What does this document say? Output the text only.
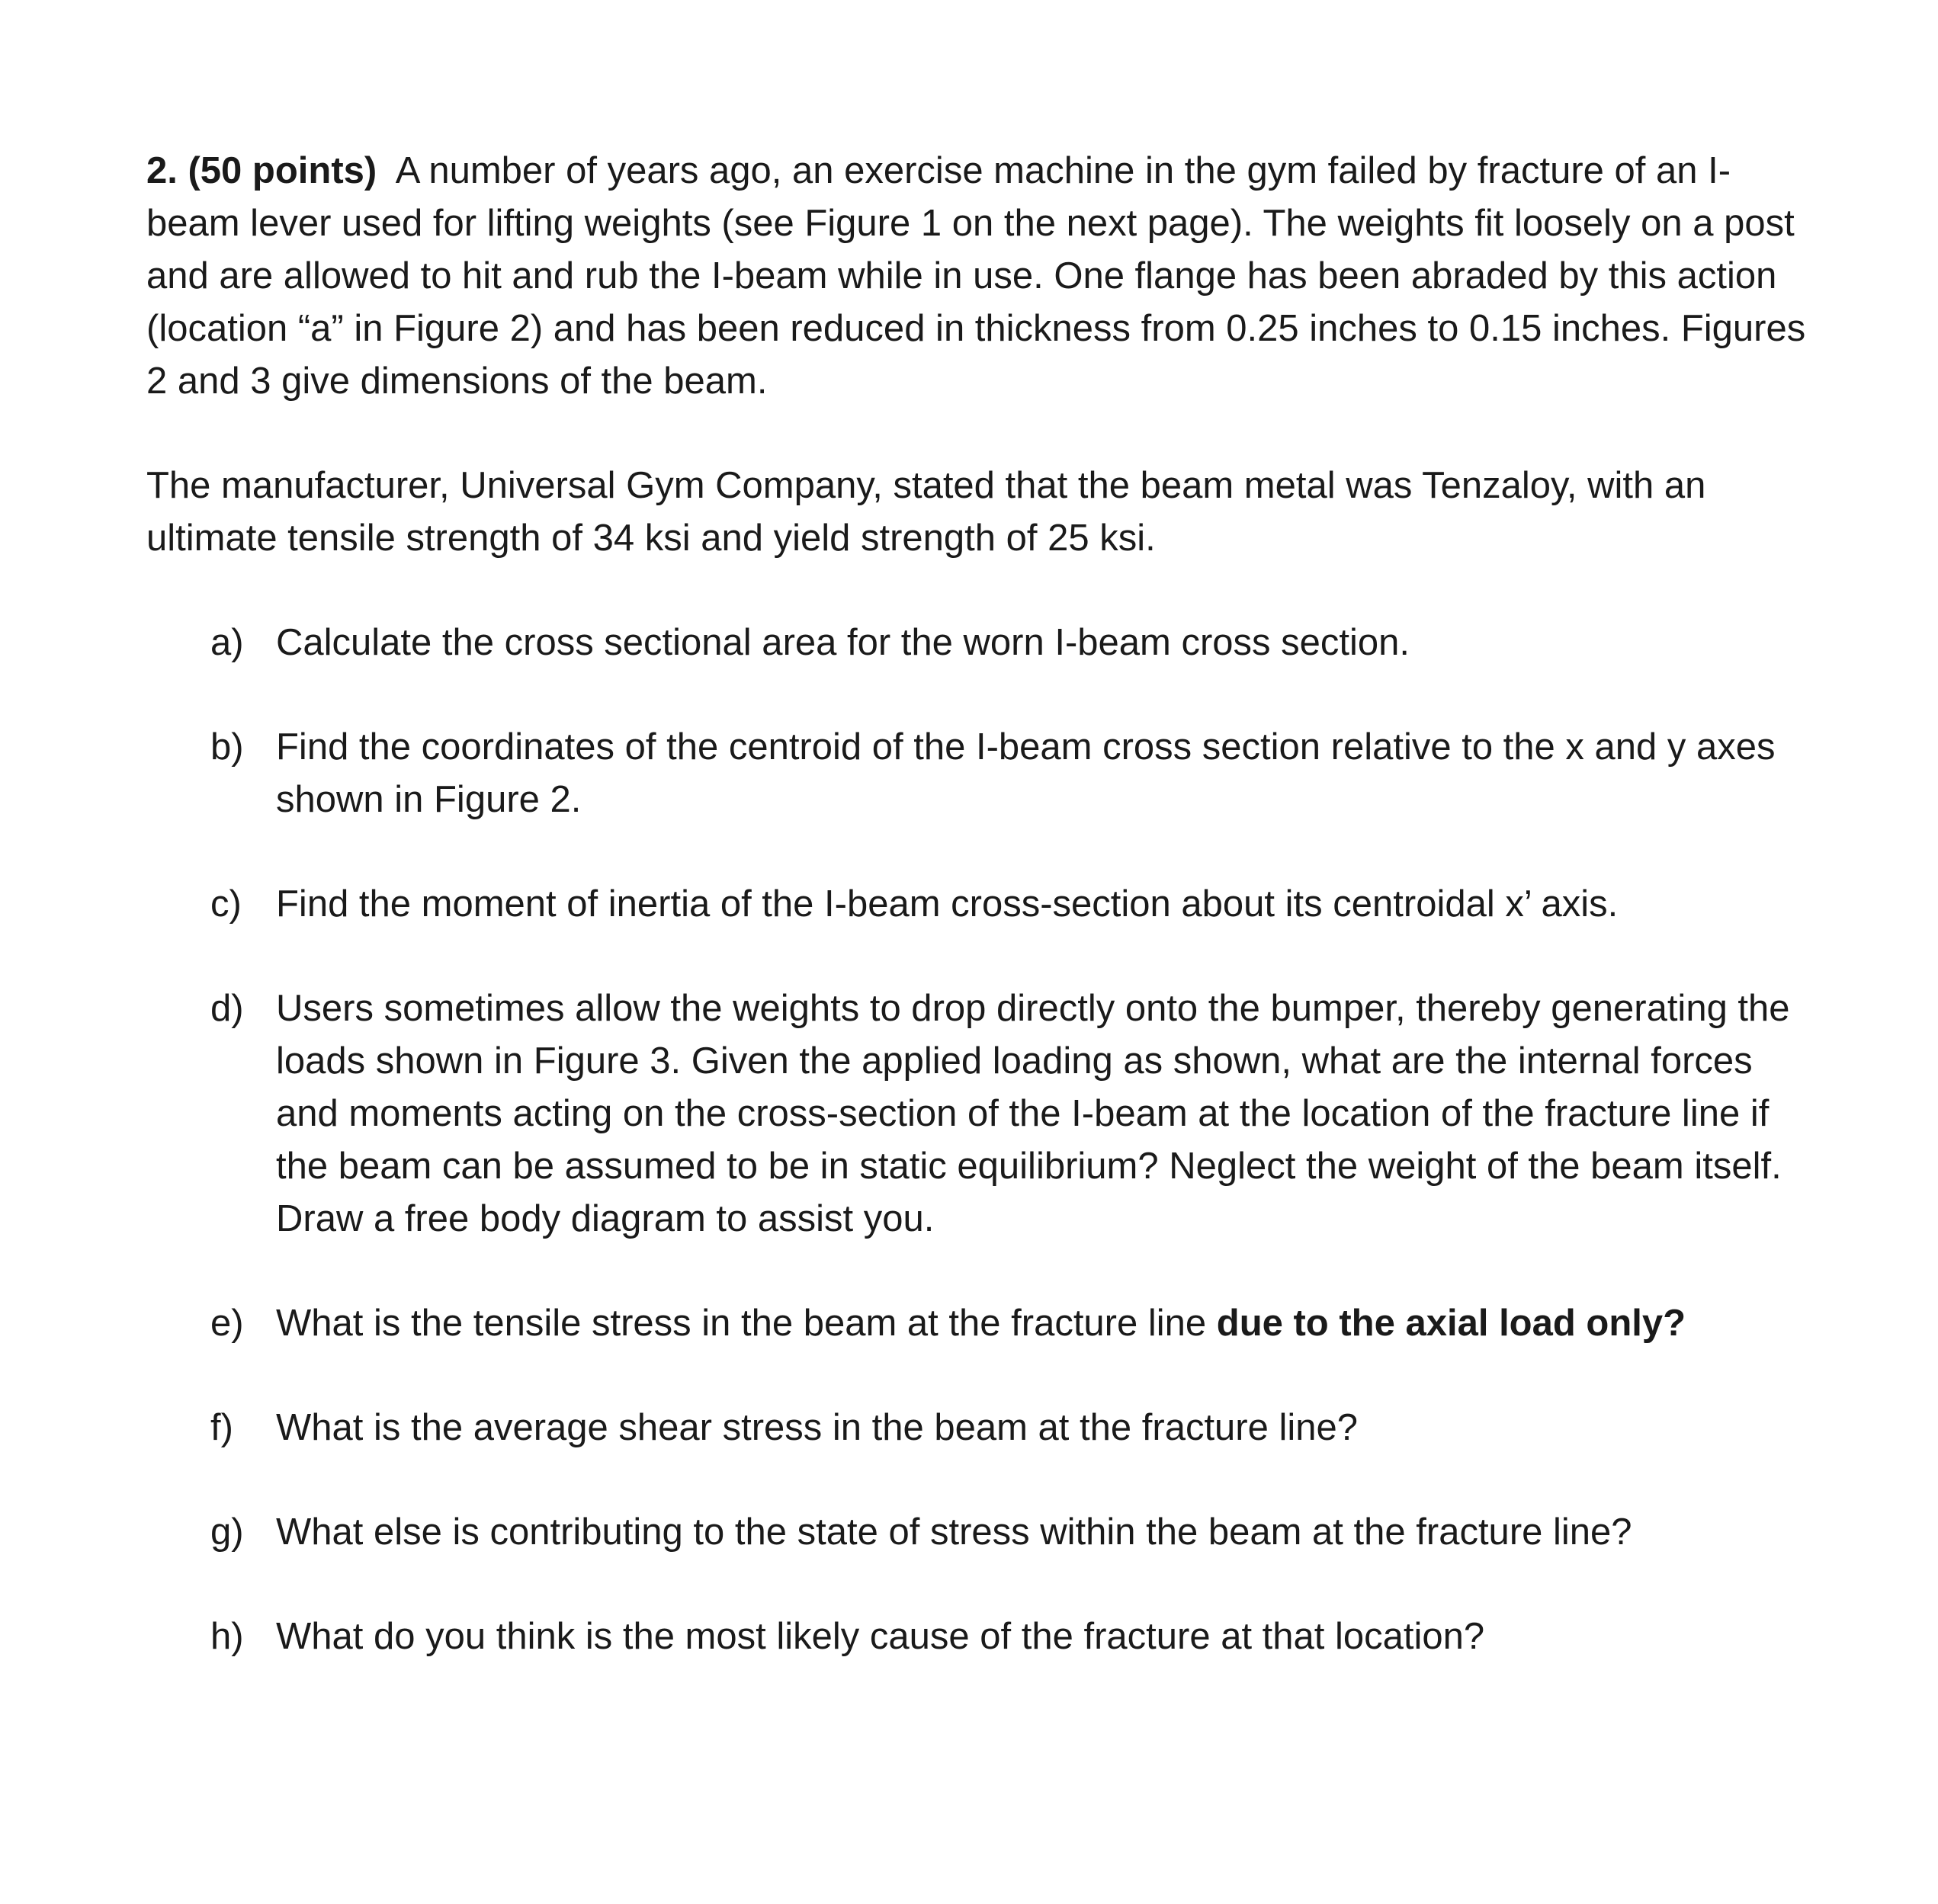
2. (50 points) A number of years ago, an exercise machine in the gym failed by fracture of an I-beam lever used for lifting weights (see Figure 1 on the next page). The weights fit loosely on a post and are allowed to hit and rub the I-beam while in use. One flange has been abraded by this action (location “a” in Figure 2) and has been reduced in thickness from 0.25 inches to 0.15 inches. Figures 2 and 3 give dimensions of the beam.

The manufacturer, Universal Gym Company, stated that the beam metal was Tenzaloy, with an ultimate tensile strength of 34 ksi and yield strength of 25 ksi.

a) Calculate the cross sectional area for the worn I-beam cross section.
b) Find the coordinates of the centroid of the I-beam cross section relative to the x and y axes shown in Figure 2.
c) Find the moment of inertia of the I-beam cross-section about its centroidal x’ axis.
d) Users sometimes allow the weights to drop directly onto the bumper, thereby generating the loads shown in Figure 3. Given the applied loading as shown, what are the internal forces and moments acting on the cross-section of the I-beam at the location of the fracture line if the beam can be assumed to be in static equilibrium? Neglect the weight of the beam itself. Draw a free body diagram to assist you.
e) What is the tensile stress in the beam at the fracture line due to the axial load only?
f) What is the average shear stress in the beam at the fracture line?
g) What else is contributing to the state of stress within the beam at the fracture line?
h) What do you think is the most likely cause of the fracture at that location?
